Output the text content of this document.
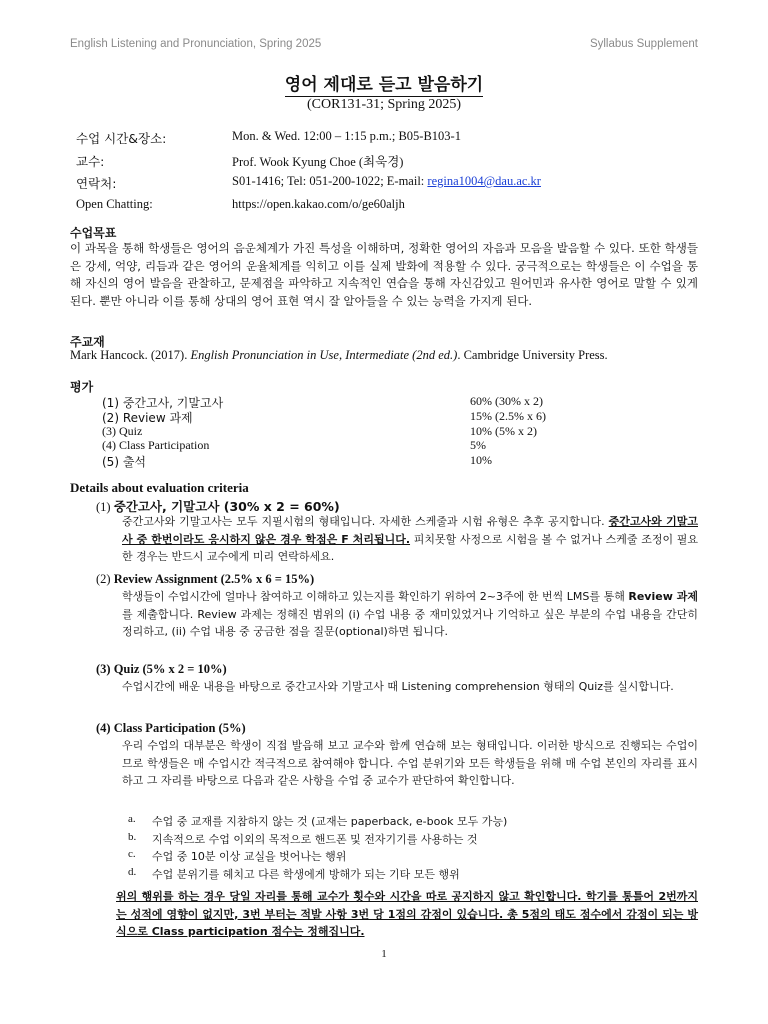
English Listening and Pronunciation, Spring 2025	Syllabus Supplement
영어 제대로 듣고 발음하기
(COR131-31; Spring 2025)
수업 시간&장소:	Mon. & Wed. 12:00 – 1:15 p.m.; B05-B103-1
교수:	Prof. Wook Kyung Choe (최욱경)
연락처:	S01-1416; Tel: 051-200-1022; E-mail: regina1004@dau.ac.kr
Open Chatting:	https://open.kakao.com/o/ge60aljh
수업목표
이 과목을 통해 학생들은 영어의 음운체계가 가진 특성을 이해하며, 정확한 영어의 자음과 모음을 발음할 수 있다. 또한 학생들은 강세, 억양, 리듬과 같은 영어의 운율체계를 익히고 이를 실제 발화에 적용할 수 있다. 궁극적으로는 학생들은 이 수업을 통해 자신의 영어 발음을 관찰하고, 문제점을 파악하고 지속적인 연습을 통해 자신감있고 원어민과 유사한 영어로 말할 수 있게 된다. 뿐만 아니라 이를 통해 상대의 영어 표현 역시 잘 알아들을 수 있는 능력을 가지게 된다.
주교재
Mark Hancock. (2017). English Pronunciation in Use, Intermediate (2nd ed.). Cambridge University Press.
평가
(1) 중간고사, 기말고사	60% (30% x 2)
(2) Review 과제	15% (2.5% x 6)
(3) Quiz	10% (5% x 2)
(4) Class Participation	5%
(5) 출석	10%
Details about evaluation criteria
(1) 중간고사, 기말고사 (30% x 2 = 60%)
중간고사와 기말고사는 모두 지필시험의 형태입니다. 자세한 스케줄과 시험 유형은 추후 공지합니다. 중간고사와 기말고사 중 한번이라도 응시하지 않은 경우 학점은 F 처리됩니다. 피치못할 사정으로 시험을 볼 수 없거나 스케줄 조정이 필요한 경우는 반드시 교수에게 미리 연락하세요.
(2) Review Assignment (2.5% x 6 = 15%)
학생들이 수업시간에 얼마나 참여하고 이해하고 있는지를 확인하기 위하여 2~3주에 한 번씩 LMS를 통해 Review 과제를 제출합니다. Review 과제는 정해진 범위의 (i) 수업 내용 중 재미있었거나 기억하고 싶은 부분의 수업 내용을 간단히 정리하고, (ii) 수업 내용 중 궁금한 점을 질문(optional)하면 됩니다.
(3) Quiz (5% x 2 = 10%)
수업시간에 배운 내용을 바탕으로 중간고사와 기말고사 때 Listening comprehension 형태의 Quiz를 실시합니다.
(4) Class Participation (5%)
우리 수업의 대부분은 학생이 직접 발음해 보고 교수와 함께 연습해 보는 형태입니다. 이러한 방식으로 진행되는 수업이므로 학생들은 매 수업시간 적극적으로 참여해야 합니다. 수업 분위기와 모든 학생들을 위해 매 수업 본인의 자리를 표시하고 그 자리를 바탕으로 다음과 같은 사항을 수업 중 교수가 판단하여 확인합니다.
a. 수업 중 교재를 지참하지 않는 것 (교재는 paperback, e-book 모두 가능)
b. 지속적으로 수업 이외의 목적으로 핸드폰 및 전자기기를 사용하는 것
c. 수업 중 10분 이상 교실을 벗어나는 행위
d. 수업 분위기를 헤치고 다른 학생에게 방해가 되는 기타 모든 행위
위의 행위를 하는 경우 당일 자리를 통해 교수가 횟수와 시간을 따로 공지하지 않고 확인합니다. 학기를 통틀어 2번까지는 성적에 영향이 없지만, 3번 부터는 적발 사항 3번 당 1점의 감점이 있습니다. 총 5점의 태도 점수에서 감점이 되는 방식으로 Class participation 점수는 정해집니다.
1
